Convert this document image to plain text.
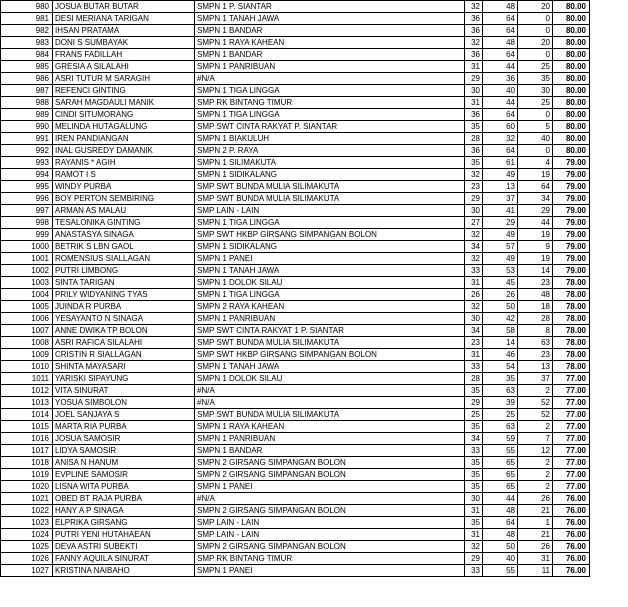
980	JOSUA BUTAR BUTAR	SMPN 1 P. SIANTAR	32	48	20	80.00
981	DESI MERIANA TARIGAN	SMPN 1 TANAH JAWA	36	64	0	80.00
982	IHSAN PRATAMA	SMPN 1 BANDAR	36	64	0	80.00
983	DONI S SUMBAYAK	SMPN 1 RAYA KAHEAN	32	48	20	80.00
984	FRANS FADILLAH	SMPN 1 BANDAR	36	64	0	80.00
985	GRESIA A SILALAHI	SMPN 1 PANRIBUAN	31	44	25	80.00
986	ASRI TUTUR M SARAGIH	#N/A	29	36	35	80.00
987	REFENCI GINTING	SMPN 1 TIGA LINGGA	30	40	30	80.00
988	SARAH MAGDAULI MANIK	SMP RK BINTANG TIMUR	31	44	25	80.00
989	CINDI SITUMORANG	SMPN 1 TIGA LINGGA	36	64	0	80.00
990	MELINDA HUTAGALUNG	SMP SWT CINTA RAKYAT P. SIANTAR	35	60	5	80.00
991	IREN PANDIANGAN	SMPN 1 BIAKULUH	28	32	40	80.00
992	INAL GUSREDY DAMANIK	SMPN 2 P. RAYA	36	64	0	80.00
993	RAYANIS * AGIH	SMPN 1 SILIMAKUTA	35	61	4	79.00
994	RAMOT I S	SMPN 1 SIDIKALANG	32	49	19	79.00
995	WINDY PURBA	SMP SWT BUNDA MULIA SILIMAKUTA	23	13	64	79.00
996	BOY PERTON SEMBIRING	SMP SWT BUNDA MULIA SILIMAKUTA	29	37	34	79.00
997	ARMAN AS MALAU	SMP LAIN - LAIN	30	41	29	79.00
998	TESALONIKA GINTING	SMPN 1 TIGA LINGGA	27	29	44	79.00
999	ANASTASYA SINAGA	SMP SWT HKBP GIRSANG SIMPANGAN BOLON	32	49	19	79.00
1000	BETRIK S LBN GAOL	SMPN 1 SIDIKALANG	34	57	9	79.00
1001	ROMENSIUS SIALLAGAN	SMPN 1 PANEI	32	49	19	79.00
1002	PUTRI LIMBONG	SMPN 1 TANAH JAWA	33	53	14	79.00
1003	SINTA TARIGAN	SMPN 1 DOLOK SILAU	31	45	23	78.00
1004	PRILY WIDYANING TYAS	SMPN 1 TIGA LINGGA	26	26	48	78.00
1005	JUINDA R PURBA	SMPN 2 RAYA KAHEAN	32	50	18	78.00
1006	YESAYANTO N SINAGA	SMPN 1 PANRIBUAN	30	42	28	78.00
1007	ANNE DWIKA TP BOLON	SMP SWT CINTA RAKYAT 1 P. SIANTAR	34	58	8	78.00
1008	ASRI RAFICA SILALAHI	SMP SWT BUNDA MULIA SILIMAKUTA	23	14	63	78.00
1009	CRISTIN R SIALLAGAN	SMP SWT HKBP GIRSANG SIMPANGAN BOLON	31	46	23	78.00
1010	SHINTA MAYASARI	SMPN 1 TANAH JAWA	33	54	13	78.00
1011	YARISKI SIPAYUNG	SMPN 1 DOLOK SILAU	28	35	37	77.00
1012	VITA SINURAT	#N/A	35	63	2	77.00
1013	YOSUA SIMBOLON	#N/A	29	39	52	77.00
1014	JOEL SANJAYA S	SMP SWT BUNDA MULIA SILIMAKUTA	25	25	52	77.00
1015	MARTA RIA PURBA	SMPN 1 RAYA KAHEAN	35	63	2	77.00
1016	JOSUA SAMOSIR	SMPN 1 PANRIBUAN	34	59	7	77.00
1017	LIDYA SAMOSIR	SMPN 1 BANDAR	33	55	12	77.00
1018	ANISA N HANUM	SMPN 2 GIRSANG SIMPANGAN BOLON	35	65	2	77.00
1019	EVPLINE SAMOSIR	SMPN 2 GIRSANG SIMPANGAN BOLON	35	65	2	77.00
1020	LISNA WITA PURBA	SMPN 1 PANEI	35	65	2	77.00
1021	OBED BT RAJA PURBA	#N/A	30	44	26	76.00
1022	HANY A P SINAGA	SMPN 2 GIRSANG SIMPANGAN BOLON	31	48	21	76.00
1023	ELPRIKA GIRSANG	SMP LAIN - LAIN	35	64	1	76.00
1024	PUTRI YENI HUTAHAEAN	SMP LAIN - LAIN	31	48	21	76.00
1025	DEVA ASTRI SUBEKTI	SMPN 2 GIRSANG SIMPANGAN BOLON	32	50	26	76.00
1026	FANNY AQUILA SINURAT	SMP RK BINTANG TIMUR	29	40	31	76.00
1027	KRISTINA NAIBAHO	SMPN 1 PANEI	33	55	11	76.00
